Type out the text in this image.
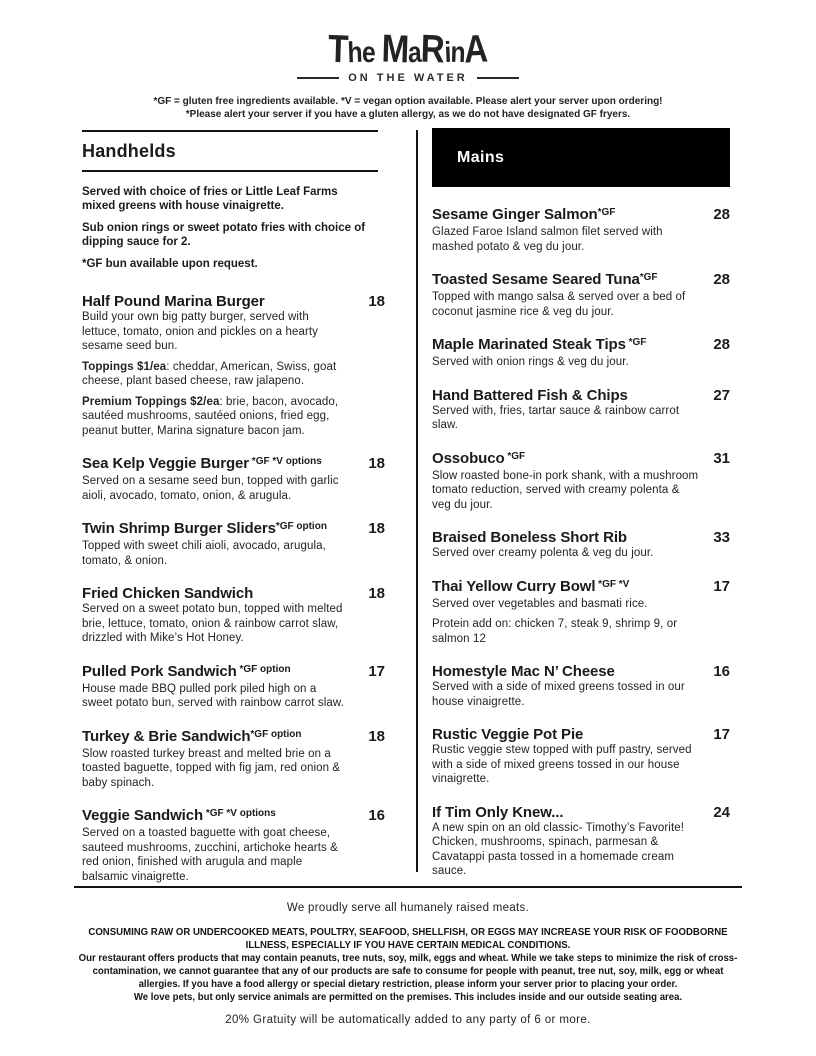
The MaRinA
ON THE WATER
*GF = gluten free ingredients available. *V = vegan option available. Please alert your server upon ordering!
*Please alert your server if you have a gluten allergy, as we do not have designated GF fryers.
Handhelds

Served with choice of fries or Little Leaf Farms mixed greens with house vinaigrette.

Sub onion rings or sweet potato fries with choice of dipping sauce for 2.

*GF bun available upon request.

Half Pound Marina Burger	18

Build your own big patty burger, served with lettuce, tomato, onion and pickles on a hearty sesame seed bun.

Toppings $1/ea: cheddar, American, Swiss, goat cheese, plant based cheese, raw jalapeno.

Premium Toppings $2/ea: brie, bacon, avocado, sautéed mushrooms, sautéed onions, fried egg, peanut butter, Marina signature bacon jam.

Sea Kelp Veggie Burger $^{*GF *V options}$	18

Served on a sesame seed bun, topped with garlic aioli, avocado, tomato, onion, & arugula.

Twin Shrimp Burger Sliders$^{*GF option}$	18

Topped with sweet chili aioli, avocado, arugula, tomato, & onion.

Fried Chicken Sandwich	18

Served on a sweet potato bun, topped with melted brie, lettuce, tomato, onion & rainbow carrot slaw, drizzled with Mike’s Hot Honey.

Pulled Pork Sandwich $^{*GF option}$	17

House made BBQ pulled pork piled high on a sweet potato bun, served with rainbow carrot slaw.

Turkey & Brie Sandwich$^{*GF option}$	18

Slow roasted turkey breast and melted brie on a toasted baguette, topped with fig jam, red onion & baby spinach.

Veggie Sandwich $^{*GF *V options}$	16

Served on a toasted baguette with goat cheese, sauteed mushrooms, zucchini, artichoke hearts & red onion, finished with arugula and maple balsamic vinaigrette.

Mains
Sesame Ginger Salmon$^{*GF}$	28

Glazed Faroe Island salmon filet served with mashed potato & veg du jour.

Toasted Sesame Seared Tuna$^{*GF}$	28

Topped with mango salsa & served over a bed of coconut jasmine rice & veg du jour.

Maple Marinated Steak Tips $^{*GF}$	28

Served with onion rings & veg du jour.

Hand Battered Fish & Chips	27

Served with, fries, tartar sauce & rainbow carrot slaw.

Ossobuco $^{*GF}$	31

Slow roasted bone-in pork shank, with a mushroom tomato reduction, served with creamy polenta & veg du jour.

Braised Boneless Short Rib	33

Served over creamy polenta & veg du jour.

Thai Yellow Curry Bowl $^{*GF *V}$	17

Served over vegetables and basmati rice.

Protein add on: chicken 7, steak 9, shrimp 9, or salmon 12

Homestyle Mac N’ Cheese	16

Served with a side of mixed greens tossed in our house vinaigrette.

Rustic Veggie Pot Pie	17

Rustic veggie stew topped with puff pastry, served with a side of mixed greens tossed in our house vinaigrette.

If Tim Only Knew...	24

A new spin on an old classic- Timothy’s Favorite! Chicken, mushrooms, spinach, parmesan & Cavatappi pasta tossed in a homemade cream sauce.

We proudly serve all humanely raised meats.

CONSUMING RAW OR UNDERCOOKED MEATS, POULTRY, SEAFOOD, SHELLFISH, OR EGGS MAY INCREASE YOUR RISK OF FOODBORNE ILLNESS, ESPECIALLY IF YOU HAVE CERTAIN MEDICAL CONDITIONS.

Our restaurant offers products that may contain peanuts, tree nuts, soy, milk, eggs and wheat. While we take steps to minimize the risk of cross-contamination, we cannot guarantee that any of our products are safe to consume for people with peanut, tree nut, soy, milk, egg or wheat allergies. If you have a food allergy or special dietary restriction, please inform your server prior to placing your order.

We love pets, but only service animals are permitted on the premises. This includes inside and our outside seating area.

20% Gratuity will be automatically added to any party of 6 or more.
